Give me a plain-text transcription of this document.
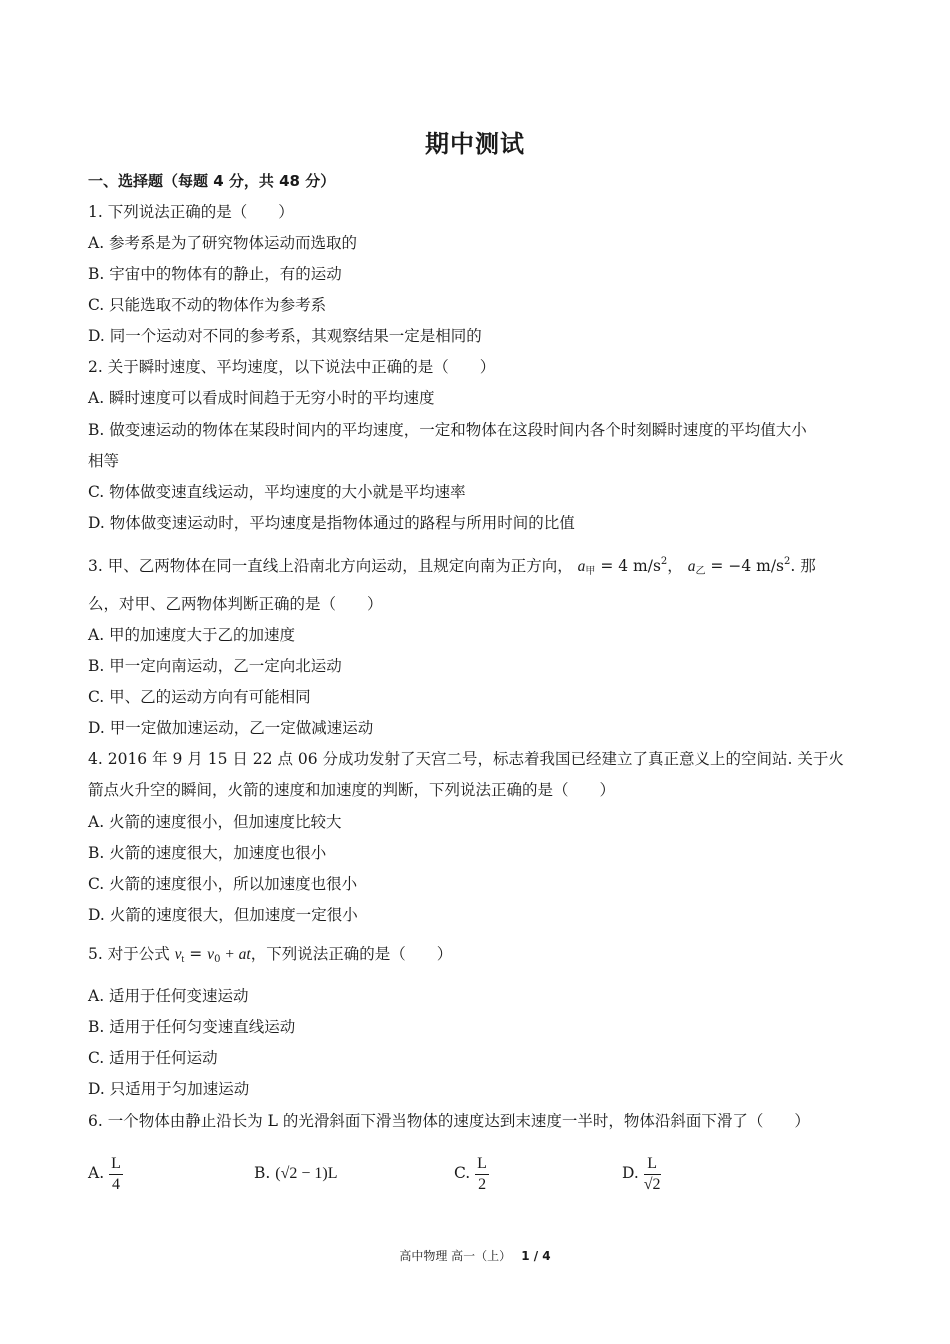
期中测试
一、选择题（每题 4 分，共 48 分）
1. 下列说法正确的是（　　）
A. 参考系是为了研究物体运动而选取的
B. 宇宙中的物体有的静止，有的运动
C. 只能选取不动的物体作为参考系
D. 同一个运动对不同的参考系，其观察结果一定是相同的
2. 关于瞬时速度、平均速度，以下说法中正确的是（　　）
A. 瞬时速度可以看成时间趋于无穷小时的平均速度
B. 做变速运动的物体在某段时间内的平均速度，一定和物体在这段时间内各个时刻瞬时速度的平均值大小
相等
C. 物体做变速直线运动，平均速度的大小就是平均速率
D. 物体做变速运动时，平均速度是指物体通过的路程与所用时间的比值
3. 甲、乙两物体在同一直线上沿南北方向运动，且规定向南为正方向， $a_甲 = 4$ $m/s^2$， $a_乙 = -4$ $m/s^2$. 那
么，对甲、乙两物体判断正确的是（　　）
A. 甲的加速度大于乙的加速度
B. 甲一定向南运动，乙一定向北运动
C. 甲、乙的运动方向有可能相同
D. 甲一定做加速运动，乙一定做减速运动
4. 2016 年 9 月 15 日 22 点 06 分成功发射了天宫二号，标志着我国已经建立了真正意义上的空间站. 关于火
箭点火升空的瞬间，火箭的速度和加速度的判断，下列说法正确的是（　　）
A. 火箭的速度很小，但加速度比较大
B. 火箭的速度很大，加速度也很小
C. 火箭的速度很小，所以加速度也很小
D. 火箭的速度很大，但加速度一定很小
5. 对于公式 $v_t = v_0$ + at，下列说法正确的是（　　）
A. 适用于任何变速运动
B. 适用于任何匀变速直线运动
C. 适用于任何运动
D. 只适用于匀加速运动
6. 一个物体由静止沿长为 L 的光滑斜面下滑当物体的速度达到末速度一半时，物体沿斜面下滑了（　　）
A. $\frac{L}{4}$	B. (√2 − 1)L	C. $\frac{L}{2}$	D. $\frac{L}{√2}$
高中物理 高一（上） 1 / 4
